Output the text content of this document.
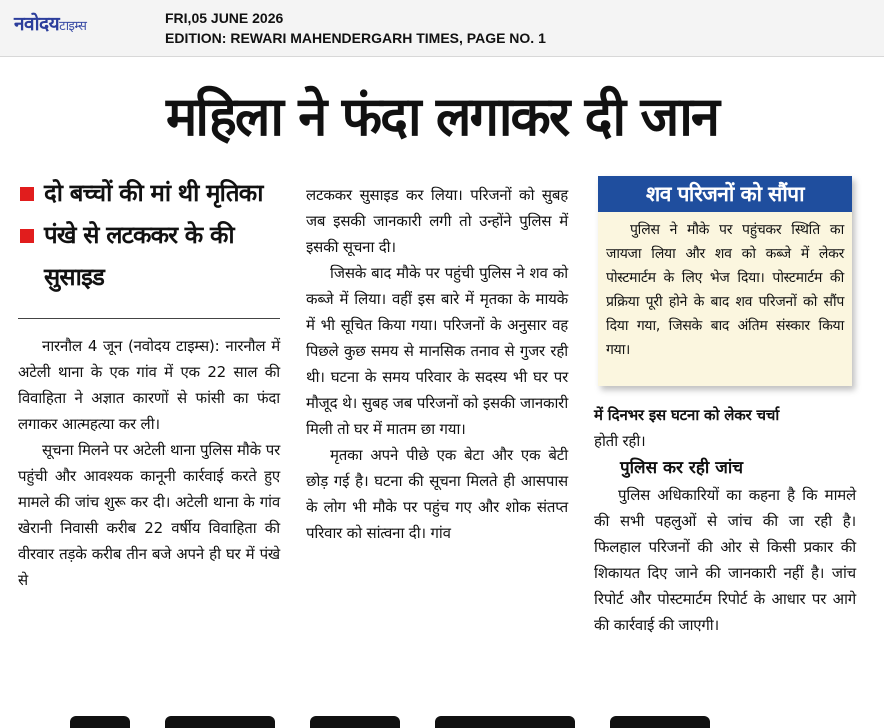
नवोदयटाइम्स
FRI,05 JUNE 2026
EDITION: REWARI MAHENDERGARH TIMES, PAGE NO. 1
महिला ने फंदा लगाकर दी जान
दो बच्चों की मां थी मृतिका
पंखे से लटककर के की सुसाइड

नारनौल 4 जून (नवोदय टाइम्स): नारनौल में अटेली थाना के एक गांव में एक 22 साल की विवाहिता ने अज्ञात कारणों से फांसी का फंदा लगाकर आत्महत्या कर ली।

सूचना मिलने पर अटेली थाना पुलिस मौके पर पहुंची और आवश्यक कानूनी कार्रवाई करते हुए मामले की जांच शुरू कर दी। अटेली थाना के गांव खेरानी निवासी करीब 22 वर्षीय विवाहिता की वीरवार तड़के करीब तीन बजे अपने ही घर में पंखे से

लटककर सुसाइड कर लिया। परिजनों को सुबह जब इसकी जानकारी लगी तो उन्होंने पुलिस में इसकी सूचना दी।

जिसके बाद मौके पर पहुंची पुलिस ने शव को कब्जे में लिया। वहीं इस बारे में मृतका के मायके में भी सूचित किया गया। परिजनों के अनुसार वह पिछले कुछ समय से मानसिक तनाव से गुजर रही थी। घटना के समय परिवार के सदस्य भी घर पर मौजूद थे। सुबह जब परिजनों को इसकी जानकारी मिली तो घर में मातम छा गया।

मृतका अपने पीछे एक बेटा और एक बेटी छोड़ गई है। घटना की सूचना मिलते ही आसपास के लोग भी मौके पर पहुंच गए और शोक संतप्त परिवार को सांत्वना दी। गांव

शव परिजनों को सौंपा

पुलिस ने मौके पर पहुंचकर स्थिति का जायजा लिया और शव को कब्जे में लेकर पोस्टमार्टम के लिए भेज दिया। पोस्टमार्टम की प्रक्रिया पूरी होने के बाद शव परिजनों को सौंप दिया गया, जिसके बाद अंतिम संस्कार किया गया।

में दिनभर इस घटना को लेकर चर्चा

होती रही।

पुलिस कर रही जांच

पुलिस अधिकारियों का कहना है कि मामले की सभी पहलुओं से जांच की जा रही है। फिलहाल परिजनों की ओर से किसी प्रकार की शिकायत दिए जाने की जानकारी नहीं है। जांच रिपोर्ट और पोस्टमार्टम रिपोर्ट के आधार पर आगे की कार्रवाई की जाएगी।
